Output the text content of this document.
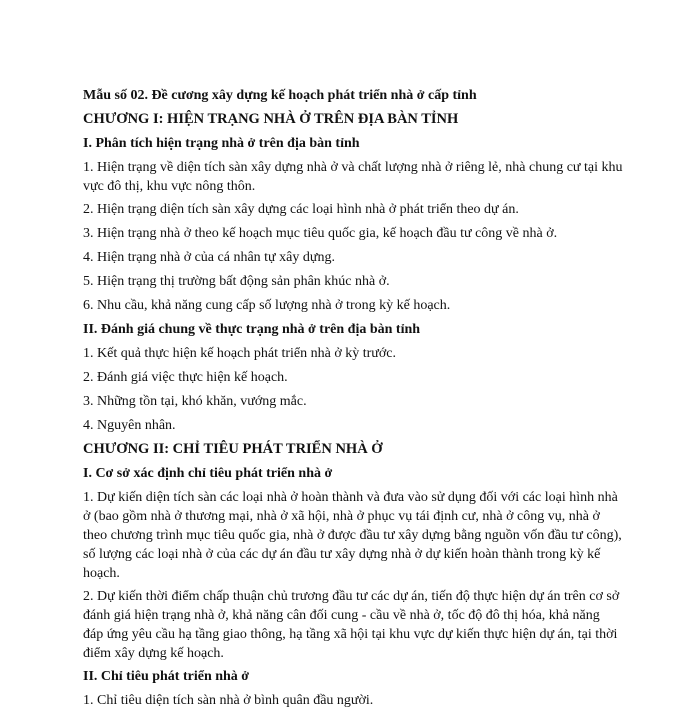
Mẫu số 02. Đề cương xây dựng kế hoạch phát triển nhà ở cấp tỉnh
CHƯƠNG I: HIỆN TRẠNG NHÀ Ở TRÊN ĐỊA BÀN TỈNH
I. Phân tích hiện trạng nhà ở trên địa bàn tỉnh
1. Hiện trạng về diện tích sàn xây dựng nhà ở và chất lượng nhà ở riêng lẻ, nhà chung cư tại khu vực đô thị, khu vực nông thôn.
2. Hiện trạng diện tích sàn xây dựng các loại hình nhà ở phát triển theo dự án.
3. Hiện trạng nhà ở theo kế hoạch mục tiêu quốc gia, kế hoạch đầu tư công về nhà ở.
4. Hiện trạng nhà ở của cá nhân tự xây dựng.
5. Hiện trạng thị trường bất động sản phân khúc nhà ở.
6. Nhu cầu, khả năng cung cấp số lượng nhà ở trong kỳ kế hoạch.
II. Đánh giá chung về thực trạng nhà ở trên địa bàn tỉnh
1. Kết quả thực hiện kế hoạch phát triển nhà ở kỳ trước.
2. Đánh giá việc thực hiện kế hoạch.
3. Những tồn tại, khó khăn, vướng mắc.
4. Nguyên nhân.
CHƯƠNG II: CHỈ TIÊU PHÁT TRIỂN NHÀ Ở
I. Cơ sở xác định chỉ tiêu phát triển nhà ở
1. Dự kiến diện tích sàn các loại nhà ở hoàn thành và đưa vào sử dụng đối với các loại hình nhà ở (bao gồm nhà ở thương mại, nhà ở xã hội, nhà ở phục vụ tái định cư, nhà ở công vụ, nhà ở theo chương trình mục tiêu quốc gia, nhà ở được đầu tư xây dựng bằng nguồn vốn đầu tư công), số lượng các loại nhà ở của các dự án đầu tư xây dựng nhà ở dự kiến hoàn thành trong kỳ kế hoạch.
2. Dự kiến thời điểm chấp thuận chủ trương đầu tư các dự án, tiến độ thực hiện dự án trên cơ sở đánh giá hiện trạng nhà ở, khả năng cân đối cung - cầu về nhà ở, tốc độ đô thị hóa, khả năng đáp ứng yêu cầu hạ tầng giao thông, hạ tầng xã hội tại khu vực dự kiến thực hiện dự án, tại thời điểm xây dựng kế hoạch.
II. Chỉ tiêu phát triển nhà ở
1. Chỉ tiêu diện tích sàn nhà ở bình quân đầu người.
